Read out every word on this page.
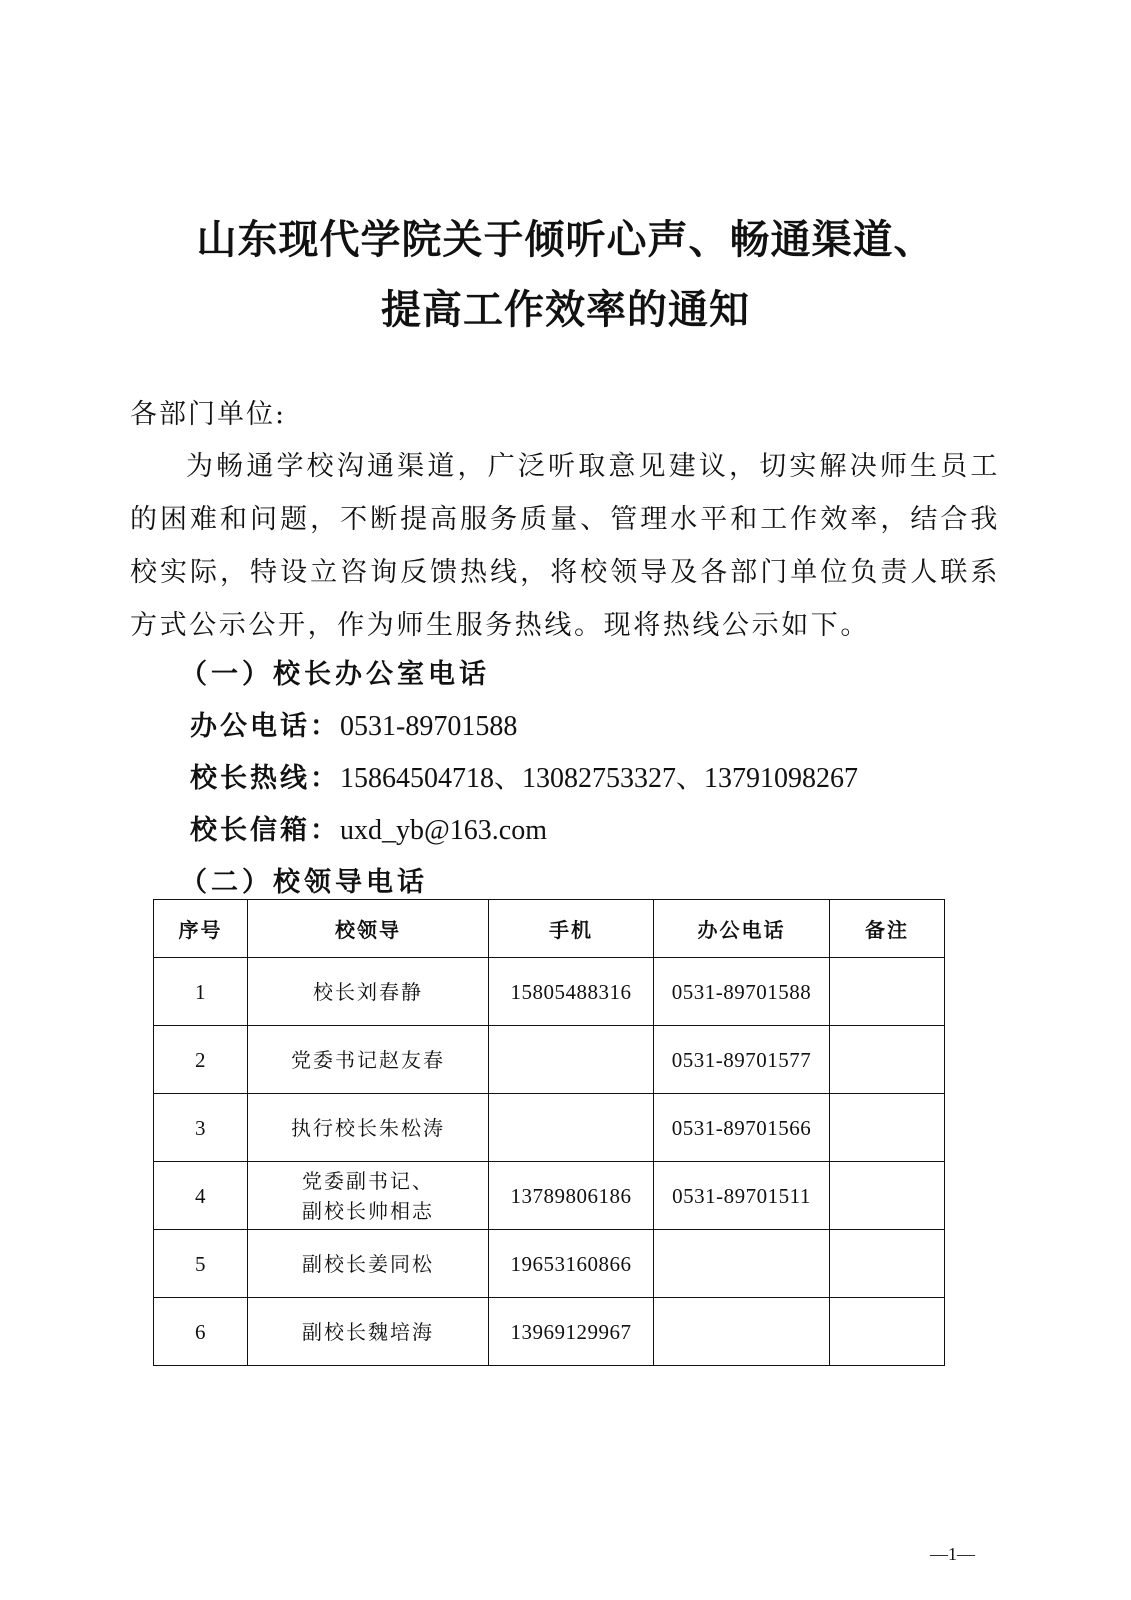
山东现代学院关于倾听心声、畅通渠道、
提高工作效率的通知
各部门单位:

为畅通学校沟通渠道，广泛听取意见建议，切实解决师生员工的困难和问题，不断提高服务质量、管理水平和工作效率，结合我校实际，特设立咨询反馈热线，将校领导及各部门单位负责人联系方式公示公开，作为师生服务热线。现将热线公示如下。

（一）校长办公室电话
办公电话：0531-89701588
校长热线：15864504718、13082753327、13791098267
校长信箱：uxd_yb@163.com
（二）校领导电话
序号	校领导	手机	办公电话	备注
1	校长刘春静	15805488316	0531-89701588	
2	党委书记赵友春		0531-89701577	
3	执行校长朱松涛		0531-89701566	
4	党委副书记、
副校长帅相志	13789806186	0531-89701511	
5	副校长姜同松	19653160866		
6	副校长魏培海	13969129967		
—1—
